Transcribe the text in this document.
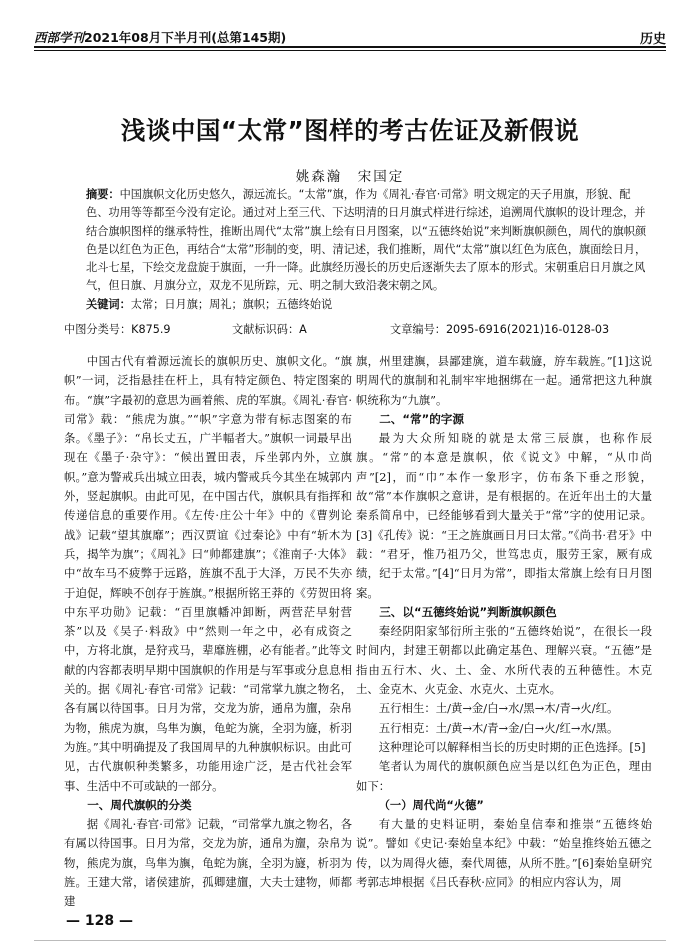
西部学刊2021年08月下半月刊(总第145期)	历史
浅谈中国“太常”图样的考古佐证及新假说
姚森瀚　宋国定
摘要：中国旗帜文化历史悠久，源远流长。“太常”旗，作为《周礼·春官·司常》明文规定的天子用旗，形貌、配色、功用等等都至今没有定论。通过对上至三代、下达明清的日月旗式样进行综述，追溯周代旗帜的设计理念，并结合旗帜图样的继承特性，推断出周代“太常”旗上绘有日月图案，以“五德终始说”来判断旗帜颜色，周代的旗帜颜色是以红色为正色，再结合“太常”形制的变，明、清记述，我们推断，周代“太常”旗以红色为底色，旗面绘日月，北斗七星，下绘交龙盘旋于旗面，一升一降。此旗经历漫长的历史后逐渐失去了原本的形式。宋朝重启日月旗之风气，但日旗、月旗分立，双龙不见所踪，元、明之制大致沿袭宋朝之风。
关键词：太常；日月旗；周礼；旗帜；五德终始说
中图分类号：K875.9	文献标识码：A	文章编号：2095-6916(2021)16-0128-03

中国古代有着源远流长的旗帜历史、旗帜文化。“旗帜”一词，泛指悬挂在杆上，具有特定颜色、特定图案的布。“旗”字最初的意思为画着熊、虎的军旗。《周礼·春官·司常》载：“熊虎为旗。”“帜”字意为带有标志图案的布条。《墨子》：“帛长丈五，广半幅者大。”旗帜一词最早出现在《墨子·杂守》：“候出置田表，斥坐郭内外，立旗帜。”意为警戒兵出城立田表，城内警戒兵今其坐在城郭内外，竖起旗帜。由此可见，在中国古代，旗帜具有指挥和传递信息的重要作用。《左传·庄公十年》中的《曹刿论战》记载“望其旗靡”；西汉贾谊《过秦论》中有“斩木为兵，揭竿为旗”；《周礼》曰“帅都建旗”；《淮南子·大体》中“故车马不疲弊于远路，旌旗不乱于大泽，万民不失亦于迫促，辉映不创存于旌旗。”根据所铭王莽的《劳贺田将中东平功勋》记载：“百里旗幡冲卸断，两营茫早射营茶”以及《吴子·料敌》中“然则一年之中，必有成资之中，方将北旗，是狩戎马，辈靡旌棚，必有能者。”此等文献的内容都表明早期中国旗帜的作用是与军事或分息息相关的。据《周礼·春官·司常》记载：“司常掌九旗之物名，各有属以待国事。日月为常，交龙为旂，通帛为旜，杂帛为物，熊虎为旗，鸟隼为旟，龟蛇为旐，全羽为旞，析羽为旌。”其中明确提及了我国周早的九种旗帜标识。由此可见，古代旗帜种类繁多，功能用途广泛，是古代社会军事、生活中不可或缺的一部分。

一、周代旗帜的分类

据《周礼·春官·司常》记载，“司常掌九旗之物名，各有属以待国事。日月为常，交龙为旂，通帛为旜，杂帛为物，熊虎为旗，鸟隼为旟，龟蛇为旐，全羽为旞，析羽为旌。王建大常，诸侯建旂，孤卿建旜，大夫士建物，师都建

旗，州里建旟，县鄙建旐，道车载旞，斿车载旌。”[1]这说明周代的旗制和礼制牢牢地捆绑在一起。通常把这九种旗帜统称为“九旗”。

二、“常”的字源

最为大众所知晓的就是太常三辰旗，也称作辰旗。“常”的本意是旗帜，依《说文》中解，“从巾尚声”[2]，而“巾”本作一象形字，仿布条下垂之形貌，故“常”本作旗帜之意讲，是有根据的。在近年出土的大量秦系简帛中，已经能够看到大量关于“常”字的使用记录。[3]《孔传》说：“王之旌旗画日月曰太常。”《尚书·君牙》中载：“君牙，惟乃祖乃父，世笃忠贞，服劳王家，厥有成绩，纪于太常。”[4]“日月为常”，即指太常旗上绘有日月图案。

三、以“五德终始说”判断旗帜颜色

秦经阴阳家邹衍所主张的“五德终始说”，在很长一段时间内，封建王朝都以此确定基色、理解兴衰。“五德”是指由五行木、火、土、金、水所代表的五种德性。木克土、金克木、火克金、水克火、土克水。

五行相生：土/黄→金/白→水/黑→木/青→火/红。

五行相克：土/黄→木/青→金/白→火/红→水/黑。

这种理论可以解释相当长的历史时期的正色选择。[5]

笔者认为周代的旗帜颜色应当是以红色为正色，理由如下：

（一）周代尚“火德”

有大量的史料证明，秦始皇信奉和推崇“五德终始说”。譬如《史记·秦始皇本纪》中载：“始皇推终始五德之传，以为周得火德，秦代周德，从所不胜。”[6]秦始皇研究考郭志坤根据《吕氏春秋·应同》的相应内容认为，周

— 128 —
